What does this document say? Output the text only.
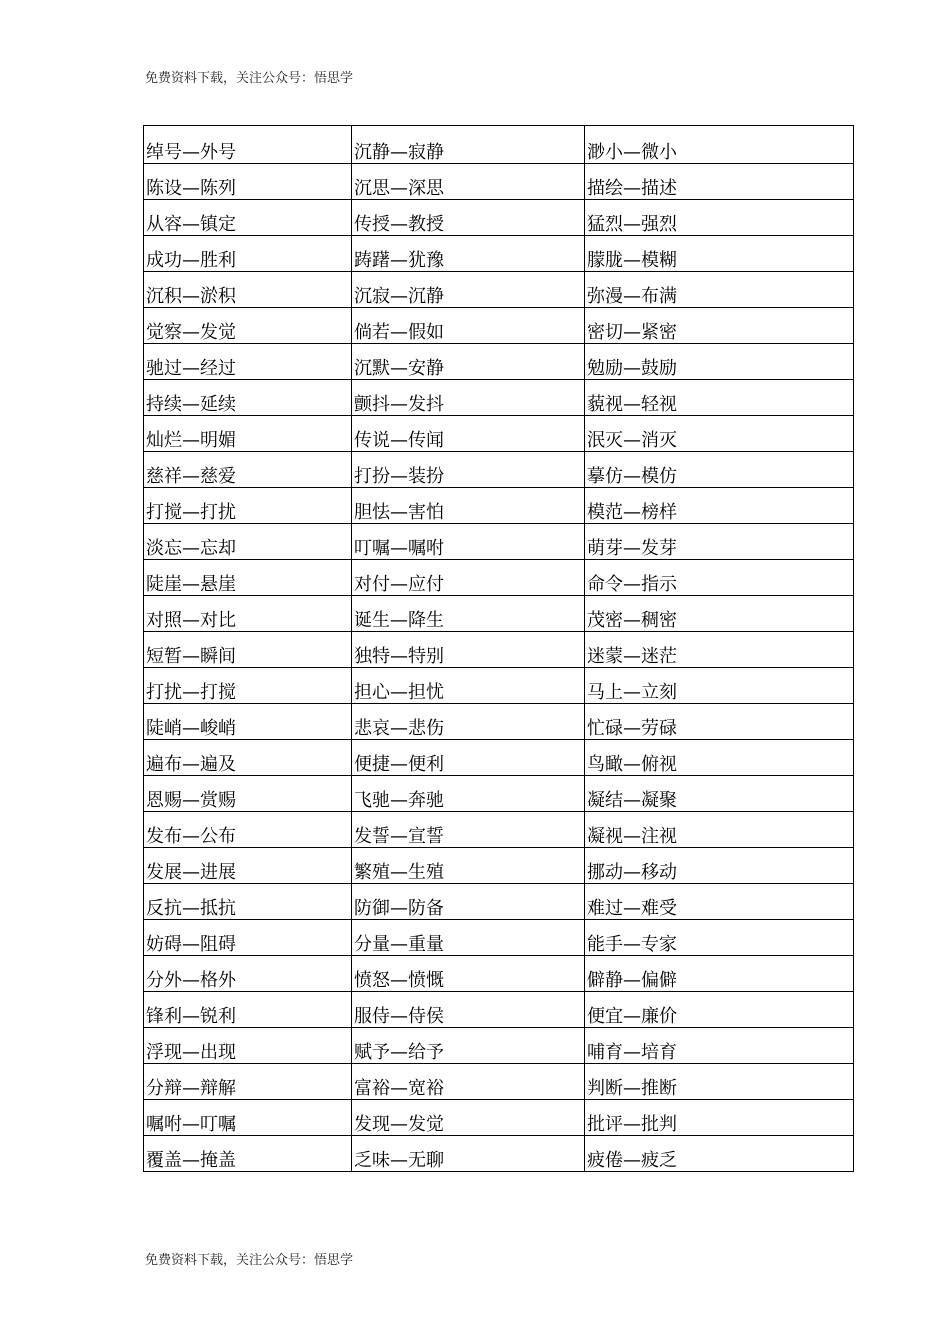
免费资料下载，关注公众号：悟思学
绰号—外号	沉静—寂静	渺小—微小
陈设—陈列	沉思—深思	描绘—描述
从容—镇定	传授—教授	猛烈—强烈
成功—胜利	踌躇—犹豫	朦胧—模糊
沉积—淤积	沉寂—沉静	弥漫—布满
觉察—发觉	倘若—假如	密切—紧密
驰过—经过	沉默—安静	勉励—鼓励
持续—延续	颤抖—发抖	藐视—轻视
灿烂—明媚	传说—传闻	泯灭—消灭
慈祥—慈爱	打扮—装扮	摹仿—模仿
打搅—打扰	胆怯—害怕	模范—榜样
淡忘—忘却	叮嘱—嘱咐	萌芽—发芽
陡崖—悬崖	对付—应付	命令—指示
对照—对比	诞生—降生	茂密—稠密
短暂—瞬间	独特—特别	迷蒙—迷茫
打扰—打搅	担心—担忧	马上—立刻
陡峭—峻峭	悲哀—悲伤	忙碌—劳碌
遍布—遍及	便捷—便利	鸟瞰—俯视
恩赐—赏赐	飞驰—奔驰	凝结—凝聚
发布—公布	发誓—宣誓	凝视—注视
发展—进展	繁殖—生殖	挪动—移动
反抗—抵抗	防御—防备	难过—难受
妨碍—阻碍	分量—重量	能手—专家
分外—格外	愤怒—愤慨	僻静—偏僻
锋利—锐利	服侍—侍侯	便宜—廉价
浮现—出现	赋予—给予	哺育—培育
分辩—辩解	富裕—宽裕	判断—推断
嘱咐—叮嘱	发现—发觉	批评—批判
覆盖—掩盖	乏味—无聊	疲倦—疲乏
免费资料下载，关注公众号：悟思学
